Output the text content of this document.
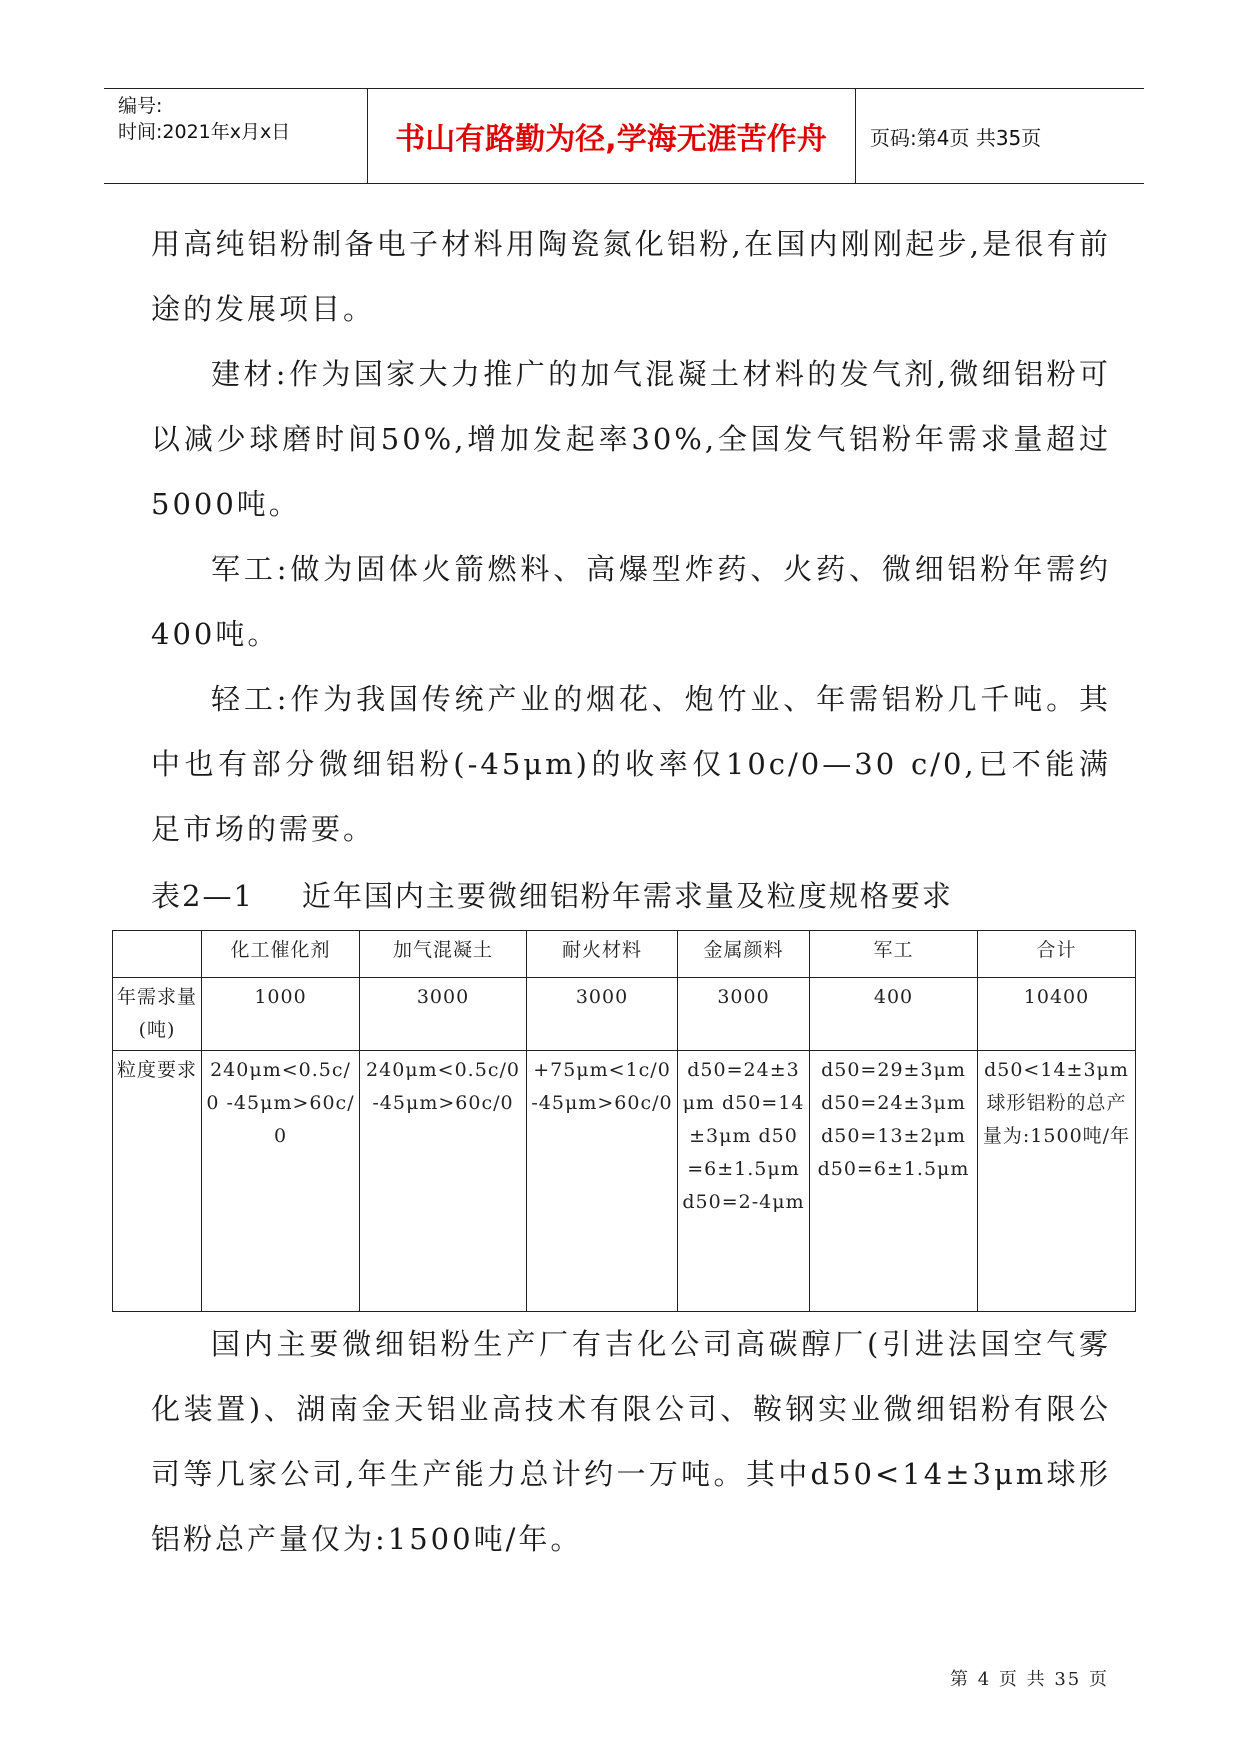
编号:
时间:2021年x月x日	书山有路勤为径,学海无涯苦作舟	页码:第4页 共35页

用高纯铝粉制备电子材料用陶瓷氮化铝粉,在国内刚刚起步,是很有前途的发展项目。

建材:作为国家大力推广的加气混凝土材料的发气剂,微细铝粉可以减少球磨时间50%,增加发起率30%,全国发气铝粉年需求量超过5000吨。

军工:做为固体火箭燃料、高爆型炸药、火药、微细铝粉年需约400吨。

轻工:作为我国传统产业的烟花、炮竹业、年需铝粉几千吨。其中也有部分微细铝粉(-45μm)的收率仅10c/0—30 c/0,已不能满足市场的需要。

表2—1 近年国内主要微细铝粉年需求量及粒度规格要求
	化工催化剂	加气混凝土	耐火材料	金属颜料	军工	合计
年需求量(吨)	1000	3000	3000	3000	400	10400
粒度要求	240μm<0.5c/0 -45μm>60c/0	240μm<0.5c/0 -45μm>60c/0	+75μm<1c/0 -45μm>60c/0	d50=24±3μm d50=14±3μm d50=6±1.5μm d50=2-4μm	d50=29±3μm d50=24±3μm d50=13±2μm d50=6±1.5μm	d50<14±3μm 球形铝粉的总产量为:1500吨/年

国内主要微细铝粉生产厂有吉化公司高碳醇厂(引进法国空气雾化装置)、湖南金天铝业高技术有限公司、鞍钢实业微细铝粉有限公司等几家公司,年生产能力总计约一万吨。其中d50<14±3μm球形铝粉总产量仅为:1500吨/年。

第 4 页 共 35 页
